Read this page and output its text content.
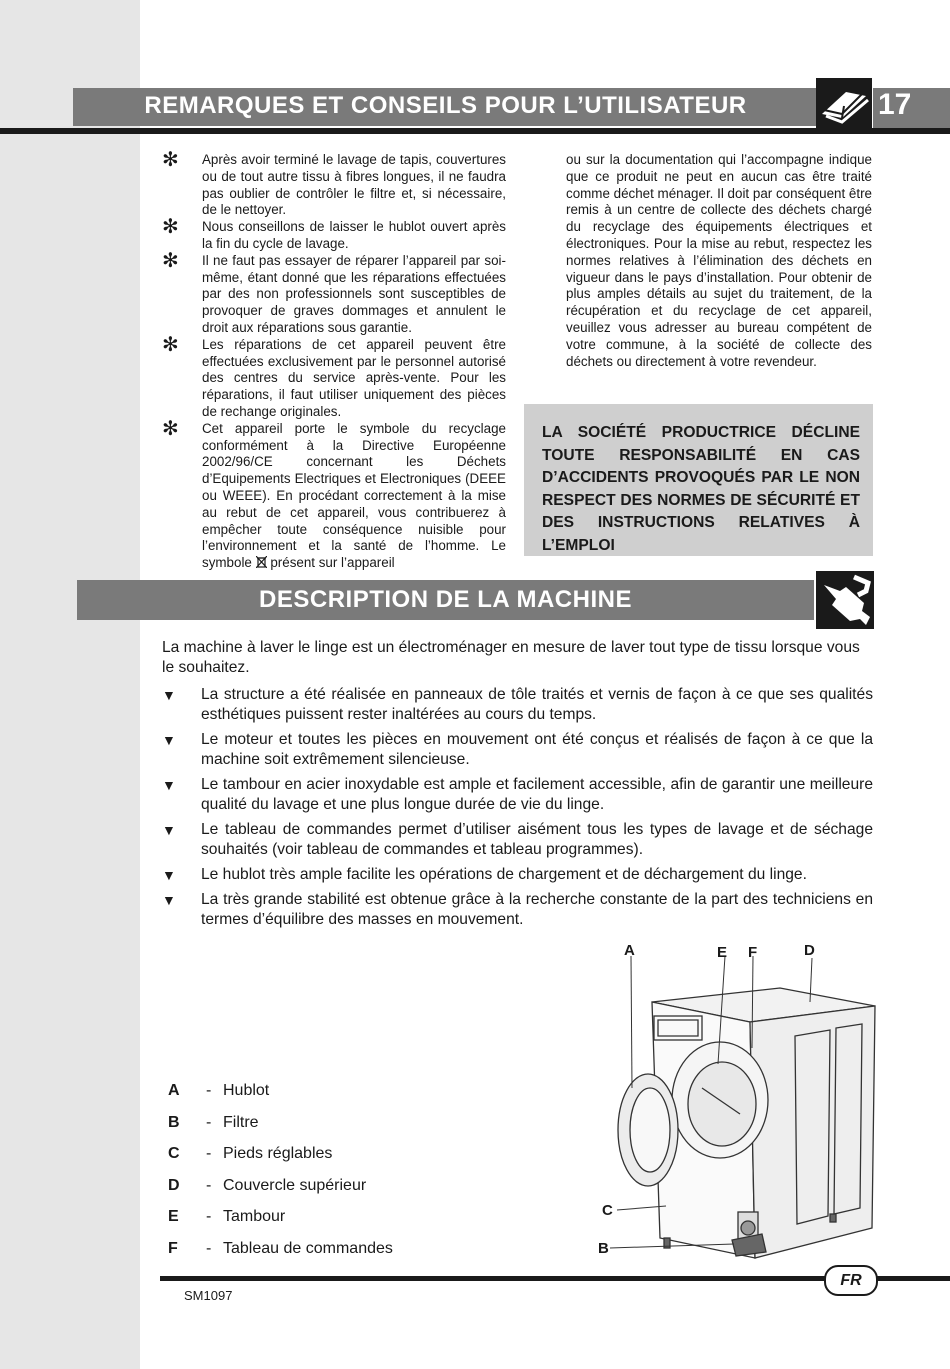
REMARQUES ET CONSEILS POUR L’UTILISATEUR	17
✻ Après avoir terminé le lavage de tapis, couvertures ou de tout autre tissu à fibres longues, il ne faudra pas oublier de contrôler le filtre et, si nécessaire, de le nettoyer.
✻ Nous conseillons de laisser le hublot ouvert après la fin du cycle de lavage.
✻ Il ne faut pas essayer de réparer l’appareil par soi-même, étant donné que les réparations effectuées par des non professionnels sont susceptibles de provoquer de graves dommages et annulent le droit aux réparations sous garantie.
✻ Les réparations de cet appareil peuvent être effectuées exclusivement par le personnel autorisé des centres du service après-vente. Pour les réparations, il faut utiliser uniquement des pièces de rechange originales.
✻ Cet appareil porte le symbole du recyclage conformément à la Directive Européenne 2002/96/CE concernant les Déchets d’Equipements Electriques et Electroniques (DEEE ou WEEE). En procédant correctement à la mise au rebut de cet appareil, vous contribuerez à empêcher toute conséquence nuisible pour l’environnement et la santé de l’homme. Le symbole présent sur l’appareil
ou sur la documentation qui l’accompagne indique que ce produit ne peut en aucun cas être traité comme déchet ménager. Il doit par conséquent être remis à un centre de collecte des déchets chargé du recyclage des équipements électriques et électroniques. Pour la mise au rebut, respectez les normes relatives à l’élimination des déchets en vigueur dans le pays d’installation. Pour obtenir de plus amples détails au sujet du traitement, de la récupération et du recyclage de cet appareil, veuillez vous adresser au bureau compétent de votre commune, à la société de collecte des déchets ou directement à votre revendeur.
LA SOCIÉTÉ PRODUCTRICE DÉCLINE TOUTE RESPONSABILITÉ EN CAS D’ACCIDENTS PROVOQUÉS PAR LE NON RESPECT DES NORMES DE SÉCURITÉ ET DES INSTRUCTIONS RELATIVES À L’EMPLOI
DESCRIPTION DE LA MACHINE

La machine à laver le linge est un électroménager en mesure de laver tout type de tissu lorsque vous le souhaitez.

▼ La structure a été réalisée en panneaux de tôle traités et vernis de façon à ce que ses qualités esthétiques puissent rester inaltérées au cours du temps.
▼ Le moteur et toutes les pièces en mouvement ont été conçus et réalisés de façon à ce que la machine soit extrêmement silencieuse.
▼ Le tambour en acier inoxydable est ample et facilement accessible, afin de garantir une meilleure qualité du lavage et une plus longue durée de vie du linge.
▼ Le tableau de commandes permet d’utiliser aisément tous les types de lavage et de séchage souhaités (voir tableau de commandes et tableau programmes).
▼ Le hublot très ample facilite les opérations de chargement et de déchargement du linge.
▼ La très grande stabilité est obtenue grâce à la recherche constante de la part des techniciens en termes d’équilibre des masses en mouvement.
A - Hublot
B - Filtre
C - Pieds réglables
D - Couvercle supérieur
E - Tambour
F - Tableau de commandes
A	E F	D
C
B
FR
SM1097
